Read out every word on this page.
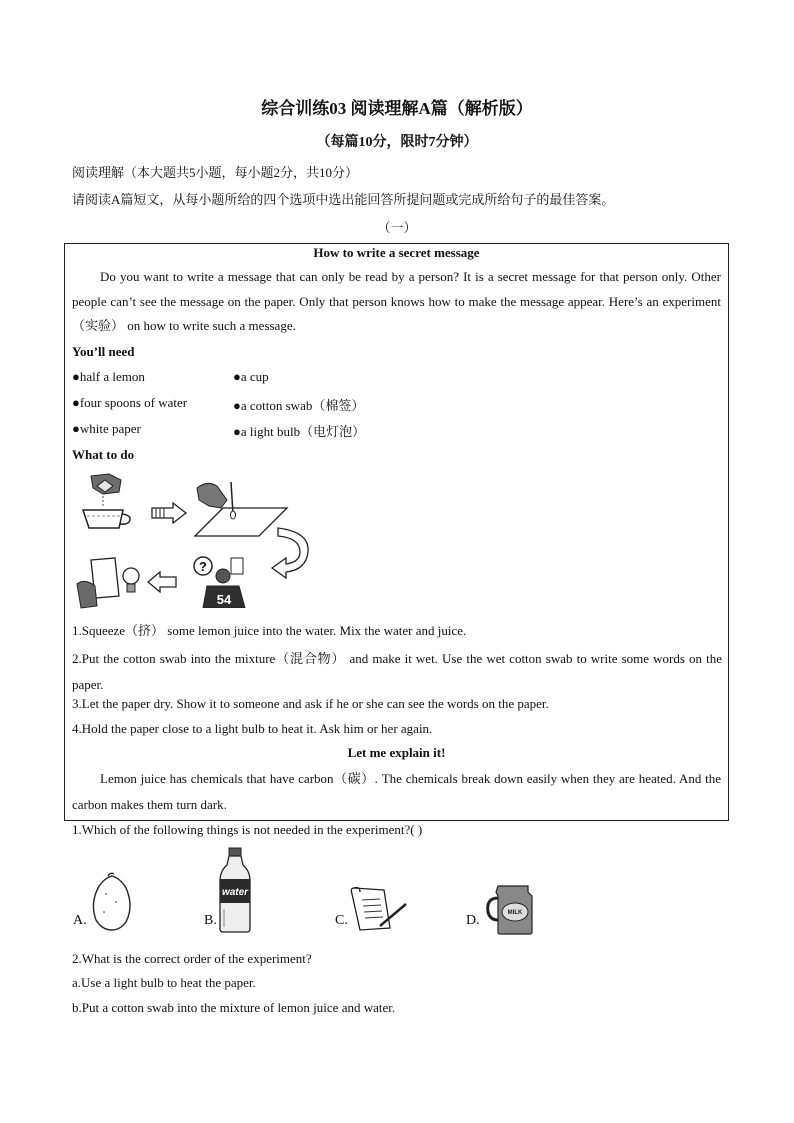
综合训练03 阅读理解A篇（解析版）
（每篇10分，限时7分钟）
阅读理解（本大题共5小题，每小题2分，共10分）
请阅读A篇短文，从每小题所给的四个选项中选出能回答所提问题或完成所给句子的最佳答案。
（一）
How to write a secret message
Do you want to write a message that can only be read by a person? It is a secret message for that person only. Other people can’t see the message on the paper. Only that person knows how to make the message appear. Here’s an experiment（实验） on how to write such a message.
You’ll need
●half a lemon
●four spoons of water
●white paper
●a cup
●a cotton swab（棉签）
●a light bulb（电灯泡）
What to do
?
54
1.Squeeze（挤） some lemon juice into the water. Mix the water and juice.
2.Put the cotton swab into the mixture（混合物） and make it wet. Use the wet cotton swab to write some words on the paper.
3.Let the paper dry. Show it to someone and ask if he or she can see the words on the paper.
4.Hold the paper close to a light bulb to heat it. Ask him or her again.
Let me explain it!
Lemon juice has chemicals that have carbon（碳）. The chemicals break down easily when they are heated. And the carbon makes them turn dark.
1.Which of the following things is not needed in the experiment?( )
A.	B.
water
C.	D.	MILK
2.What is the correct order of the experiment?
a.Use a light bulb to heat the paper.
b.Put a cotton swab into the mixture of lemon juice and water.
